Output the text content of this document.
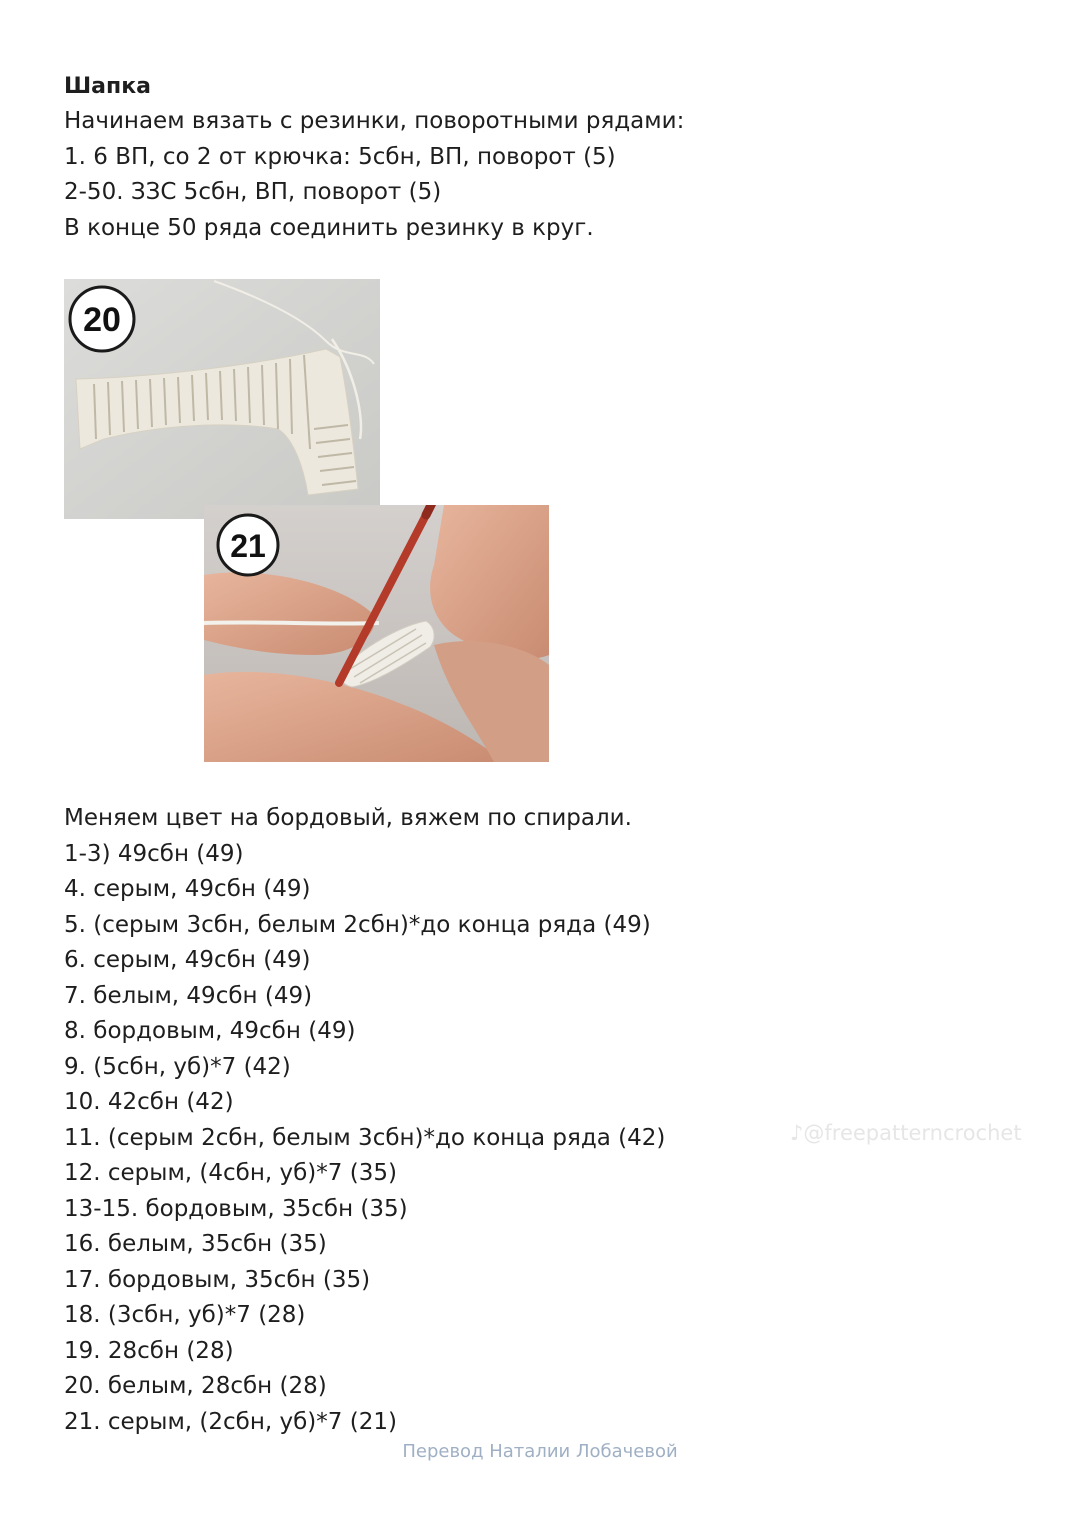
Шапка
Начинаем вязать с резинки, поворотными рядами:
1. 6 ВП, со 2 от крючка: 5сбн, ВП, поворот (5)
2-50. ЗЗС 5сбн, ВП, поворот (5)
В конце 50 ряда соединить резинку в круг.
20
21
Меняем цвет на бордовый, вяжем по спирали.
1-3) 49сбн (49)
4. серым, 49сбн (49)
5. (серым 3сбн, белым 2сбн)*до конца ряда (49)
6. серым, 49сбн (49)
7. белым, 49сбн (49)
8. бордовым, 49сбн (49)
9. (5сбн, уб)*7 (42)
10. 42сбн (42)
11. (серым 2сбн, белым 3сбн)*до конца ряда (42)
12. серым, (4сбн, уб)*7 (35)
13-15. бордовым, 35сбн (35)
16. белым, 35сбн (35)
17. бордовым, 35сбн (35)
18. (3сбн, уб)*7 (28)
19. 28сбн (28)
20. белым, 28сбн (28)
21. серым, (2сбн, уб)*7 (21)
♪@freepatterncrochet
Перевод Наталии Лобачевой
